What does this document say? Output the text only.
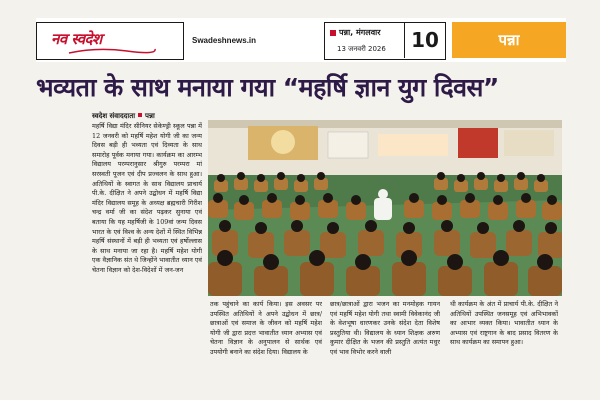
नव स्वदेश	Swadeshnews.in
पन्ना, मंगलवार
13 जनवरी 2026	10	पन्ना
भव्यता के साथ मनाया गया “महर्षि ज्ञान युग दिवस”
स्वदेश संवाददाता पन्ना
महर्षि विद्या मंदिर सीनियर सेकेण्ड्री स्कूल पन्ना में 12 जनवरी को महर्षि महेश योगी जी का जन्म दिवस बड़ी ही भव्यता एवं दिव्यता के साथ समारोह पूर्वक मनाया गया। कार्यक्रम का आरम्भ विद्यालय परम्परानुसार श्रीगुरु परम्परा मां सरस्वती पूजन एवं दीप प्रज्वलन के साथ हुआ। अतिथियों के स्वागत के साथ विद्यालय प्राचार्य पी.के. दीक्षित ने अपने उद्बोधन में महर्षि विद्या मंदिर विद्यालय समूह के अध्यक्ष ब्रह्मचारी गिरीश चन्द्र वर्मा जी का संदेश पढ़कर सुनाया एवं बताया कि यह महर्षिजी के 109वां जन्म दिवस भारत के एवं विश्व के अन्य देशों में स्थित विभिन्न महर्षि संस्थानों में बड़ी ही भव्यता एवं हर्षोल्लास के साथ मनाया जा रहा है। महर्षि महेश योगी एक वैज्ञानिक संत थे जिन्होंने भावातीत ध्यान एवं चेतना विज्ञान को देश-विदेशों में जन-जन
तक पहुंचाने का कार्य किया। इस अवसर पर उपस्थित अतिथियों ने अपने उद्बोधन में छात्र/छात्राओं एवं समाज के जीवन को महर्षि महेश योगी जी द्वारा प्रदत्त भावातीत ध्यान अभ्यास एवं चेतना विज्ञान के अनुपालन से सार्थक एवं उपयोगी बनाने का संदेश दिया। विद्यालय के
छात्र/छात्राओं द्वारा भजन का मनमोहक गायन एवं महर्षि महेश योगी तथा स्वामी विवेकानंद जी के वेशभूषा धारणकर उनके संदेश देता विशेष प्रस्तुतिया थी। विद्यालय के ध्यान शिक्षक अरुण कुमार दीक्षित के भजन की प्रस्तुति अत्यंत मधुर एवं भाव विभोर करने वाली
थी कार्यक्रम के अंत में प्राचार्य पी.के. दीक्षित ने अतिथियों उपस्थित जनसमूह एवं अभिभावकों का आभार व्यक्त किया। भावातीत ध्यान के अभ्यास एवं राष्ट्रगान के बाद प्रसाद वितरण के साथ कार्यक्रम का समापन हुआ।
